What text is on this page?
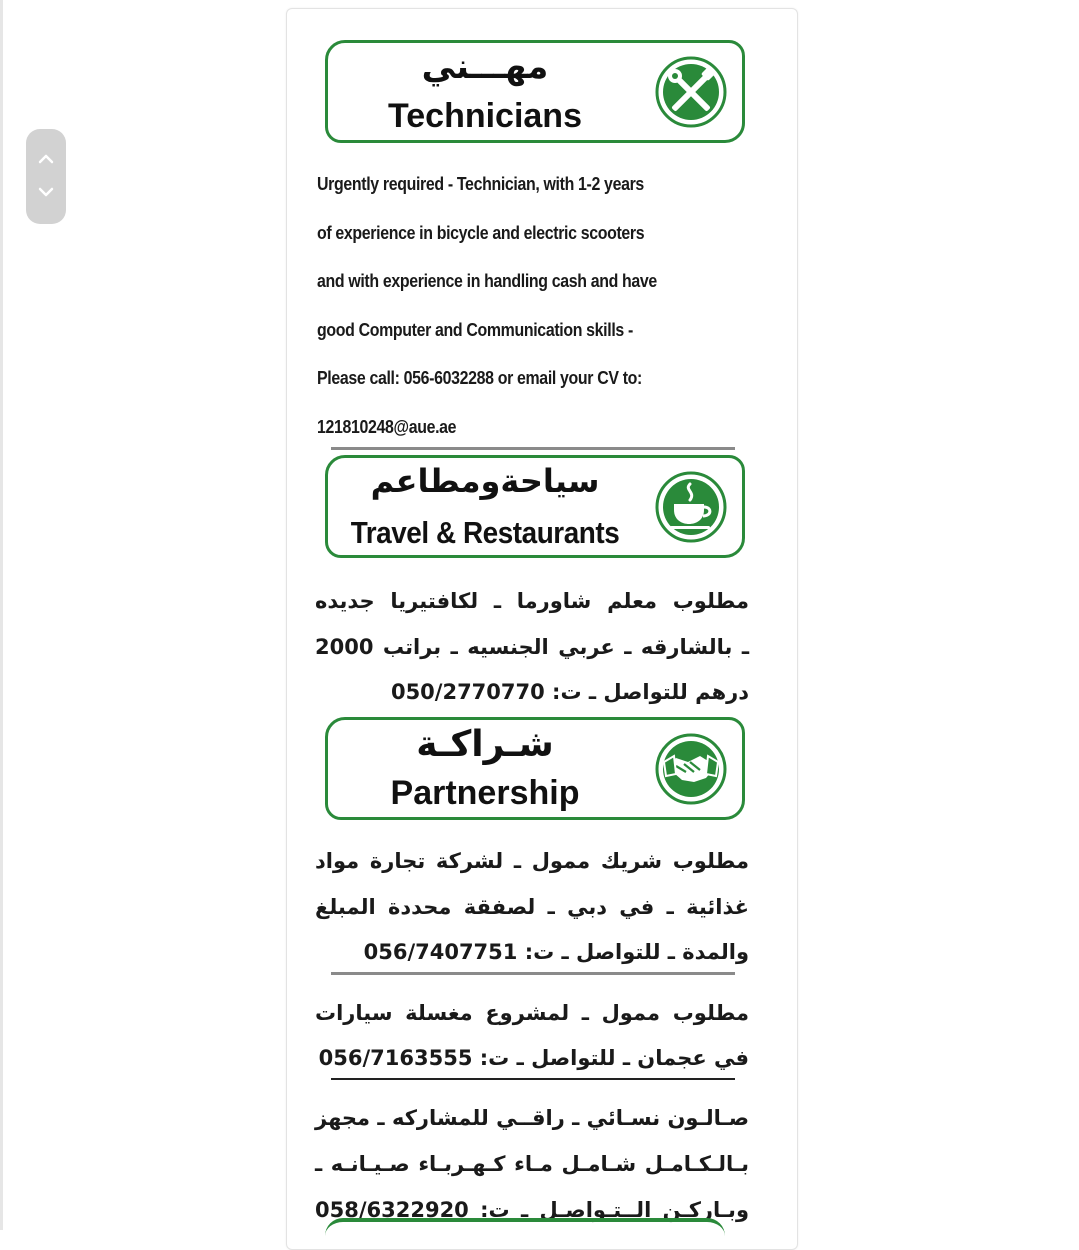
مهـــني
Technicians
Urgently required - Technician, with 1-2 years
of experience in bicycle and electric scooters
and with experience in handling cash and have
good Computer and Communication skills -
Please call: 056-6032288 or email your CV to:
121810248@aue.ae
سياحةومطاعم
Travel & Restaurants
مطلوب معلم شاورما ـ لكافتيريا جديده
ـ بالشارقه ـ عربي الجنسيه ـ براتب 2000
درهم للتواصل ـ ت: 050/2770770
شـراكـة
Partnership
مطلوب شريك ممول ـ لشركة تجارة مواد
غذائية ـ في دبي ـ لصفقة محددة المبلغ
والمدة ـ للتواصل ـ ت: 056/7407751
مطلوب ممول ـ لمشروع مغسلة سيارات
في عجمان ـ للتواصل ـ ت: 056/7163555
صـالـون نسـائي ـ راقــي للمشاركه ـ مجهز
بـالـكـامـل شـامـل مـاء كـهـربـاء صـيـانـه ـ
وبـاركـن الــتـواصـل ـ ت: 058/6322920
